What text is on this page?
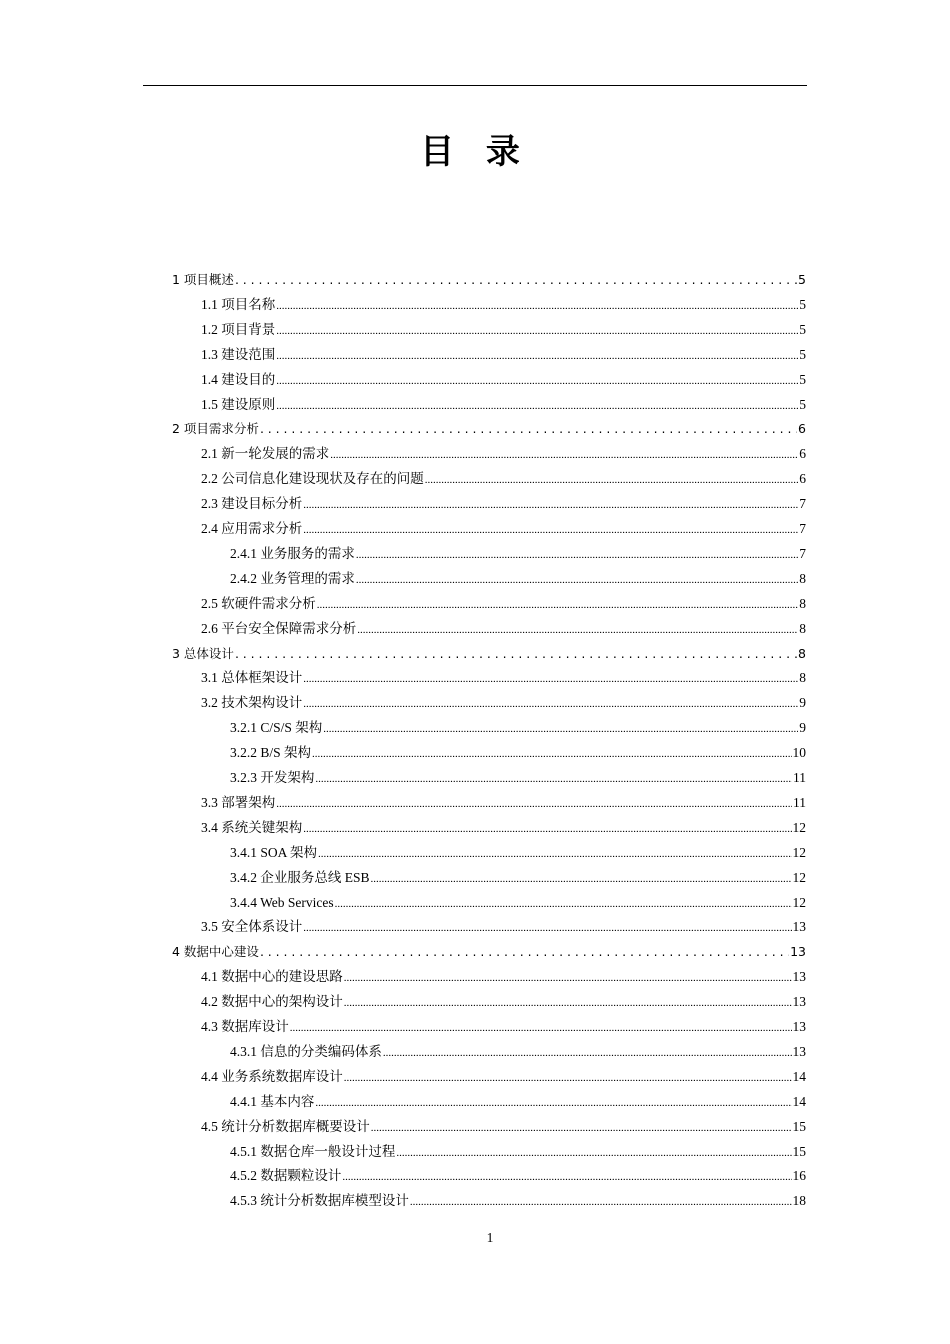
目 录
1 项目概述 .....	5
1.1 项目名称 .....	5
1.2 项目背景 .....	5
1.3 建设范围 .....	5
1.4 建设目的 .....	5
1.5 建设原则 .....	5
2 项目需求分析 .....	6
2.1 新一轮发展的需求 .....	6
2.2 公司信息化建设现状及存在的问题 .....	6
2.3 建设目标分析 .....	7
2.4 应用需求分析 .....	7
2.4.1 业务服务的需求 .....	7
2.4.2 业务管理的需求 .....	8
2.5 软硬件需求分析 .....	8
2.6 平台安全保障需求分析 .....	8
3 总体设计 .....	8
3.1 总体框架设计 .....	8
3.2 技术架构设计 .....	9
3.2.1 C/S/S 架构 .....	9
3.2.2 B/S 架构 .....	10
3.2.3 开发架构 .....	11
3.3 部署架构 .....	11
3.4 系统关键架构 .....	12
3.4.1 SOA 架构 .....	12
3.4.2 企业服务总线 ESB .....	12
3.4.4 Web Services .....	12
3.5 安全体系设计 .....	13
4 数据中心建设 .....	13
4.1 数据中心的建设思路 .....	13
4.2 数据中心的架构设计 .....	13
4.3 数据库设计 .....	13
4.3.1 信息的分类编码体系 .....	13
4.4 业务系统数据库设计 .....	14
4.4.1 基本内容 .....	14
4.5 统计分析数据库概要设计 .....	15
4.5.1 数据仓库一般设计过程 .....	15
4.5.2 数据颗粒设计 .....	16
4.5.3 统计分析数据库模型设计 .....	18
1
